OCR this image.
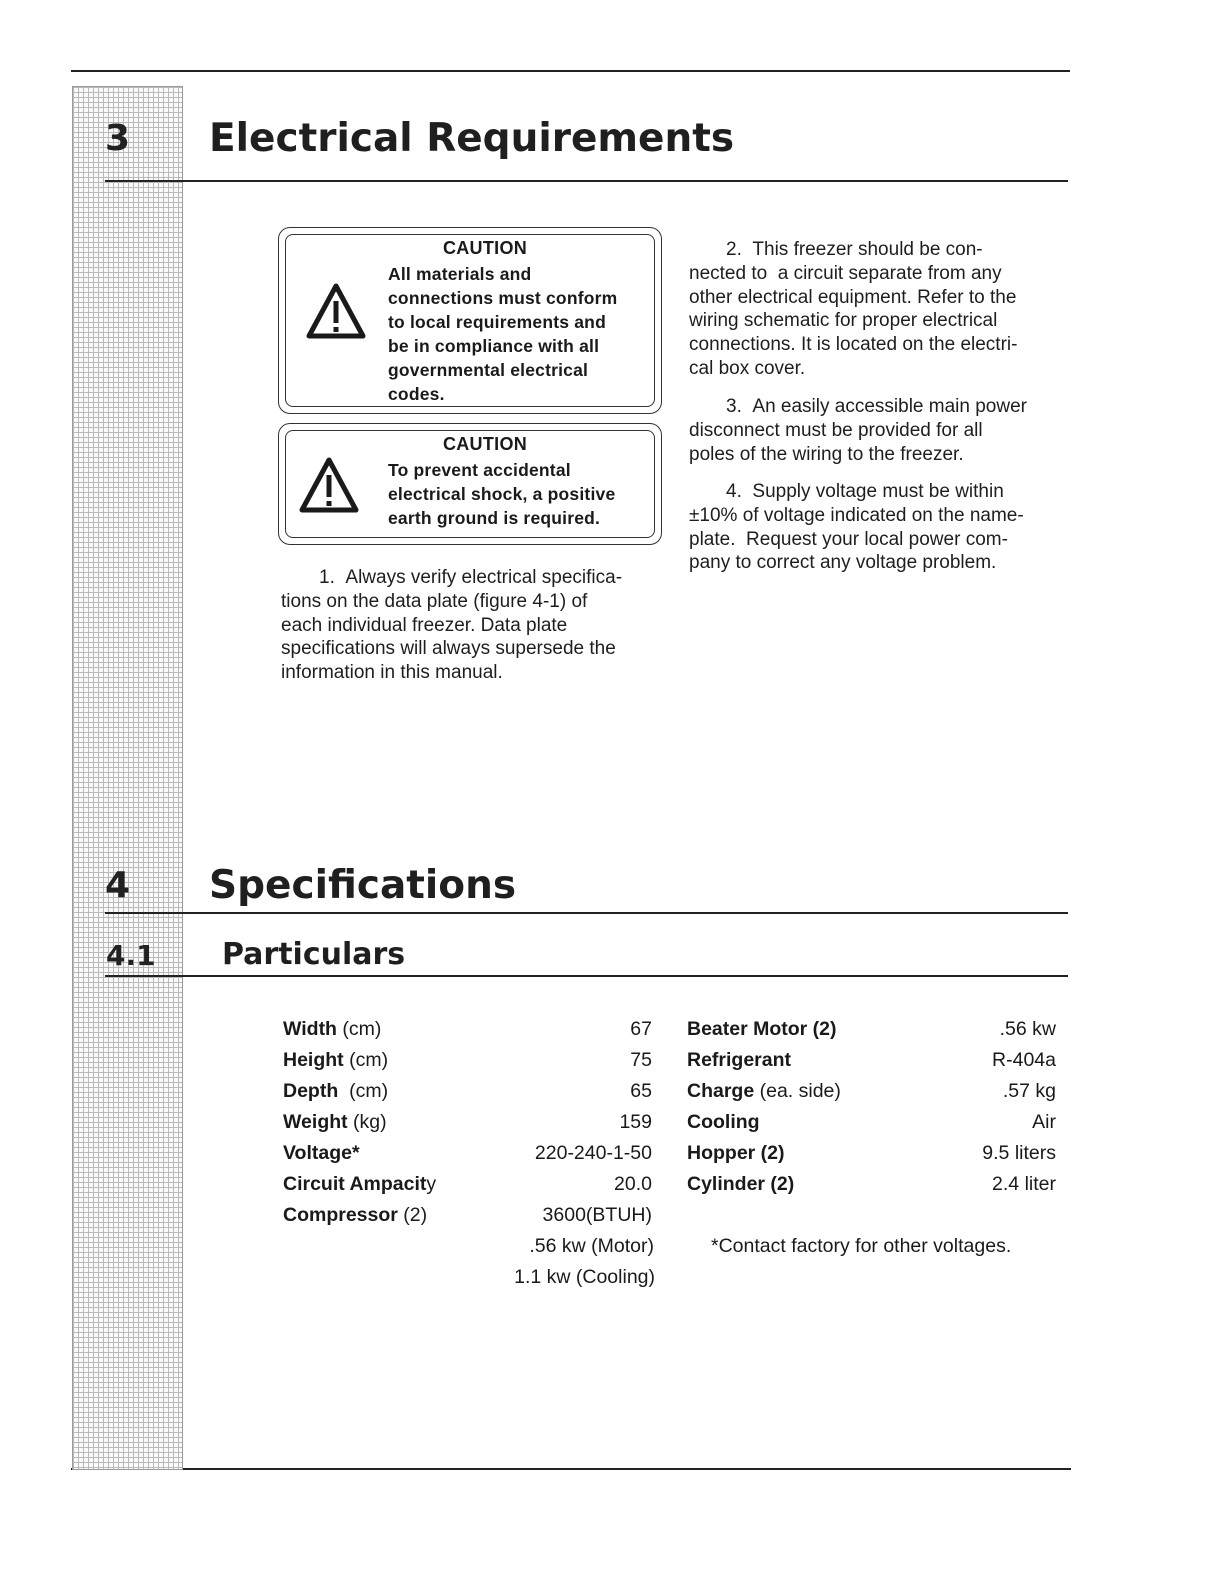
3 Electrical Requirements
CAUTION
All materials and
connections must conform
to local requirements and
be in compliance with all
governmental electrical
codes.
CAUTION
To prevent accidental
electrical shock, a positive
earth ground is required.
1.  Always verify electrical specifica-
tions on the data plate (figure 4-1) of
each individual freezer. Data plate
specifications will always supersede the
information in this manual.
2.  This freezer should be con-
nected to  a circuit separate from any
other electrical equipment. Refer to the
wiring schematic for proper electrical
connections. It is located on the electri-
cal box cover.
3.  An easily accessible main power
disconnect must be provided for all
poles of the wiring to the freezer.
4.  Supply voltage must be within
±10% of voltage indicated on the name-
plate.  Request your local power com-
pany to correct any voltage problem.
4 Specifications
4.1 Particulars
Width (cm)	67
Height (cm)	75
Depth  (cm)	65
Weight (kg)	159
Voltage*	220-240-1-50
Circuit Ampacity	20.0
Compressor (2)	3600(BTUH)
.56 kw (Motor)
1.1 kw (Cooling)
Beater Motor (2)	.56 kw
Refrigerant	R-404a
Charge (ea. side)	.57 kg
Cooling	Air
Hopper (2)	9.5 liters
Cylinder (2)	2.4 liter
*Contact factory for other voltages.
